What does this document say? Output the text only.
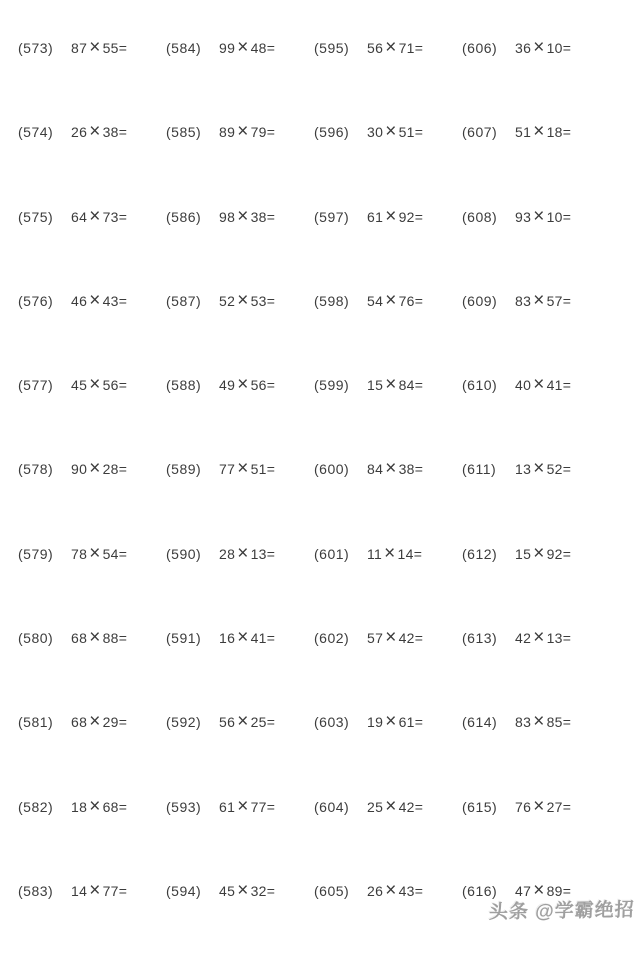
(573)	87 × 55=	(584)	99 × 48=	(595)	56 × 71=	(606)	36 × 10=
(574)	26 × 38=	(585)	89 × 79=	(596)	30 × 51=	(607)	51 × 18=
(575)	64 × 73=	(586)	98 × 38=	(597)	61 × 92=	(608)	93 × 10=
(576)	46 × 43=	(587)	52 × 53=	(598)	54 × 76=	(609)	83 × 57=
(577)	45 × 56=	(588)	49 × 56=	(599)	15 × 84=	(610)	40 × 41=
(578)	90 × 28=	(589)	77 × 51=	(600)	84 × 38=	(611)	13 × 52=
(579)	78 × 54=	(590)	28 × 13=	(601)	11 × 14=	(612)	15 × 92=
(580)	68 × 88=	(591)	16 × 41=	(602)	57 × 42=	(613)	42 × 13=
(581)	68 × 29=	(592)	56 × 25=	(603)	19 × 61=	(614)	83 × 85=
(582)	18 × 68=	(593)	61 × 77=	(604)	25 × 42=	(615)	76 × 27=
(583)	14 × 77=	(594)	45 × 32=	(605)	26 × 43=	(616)	47 × 89=
头条 @学霸绝招
